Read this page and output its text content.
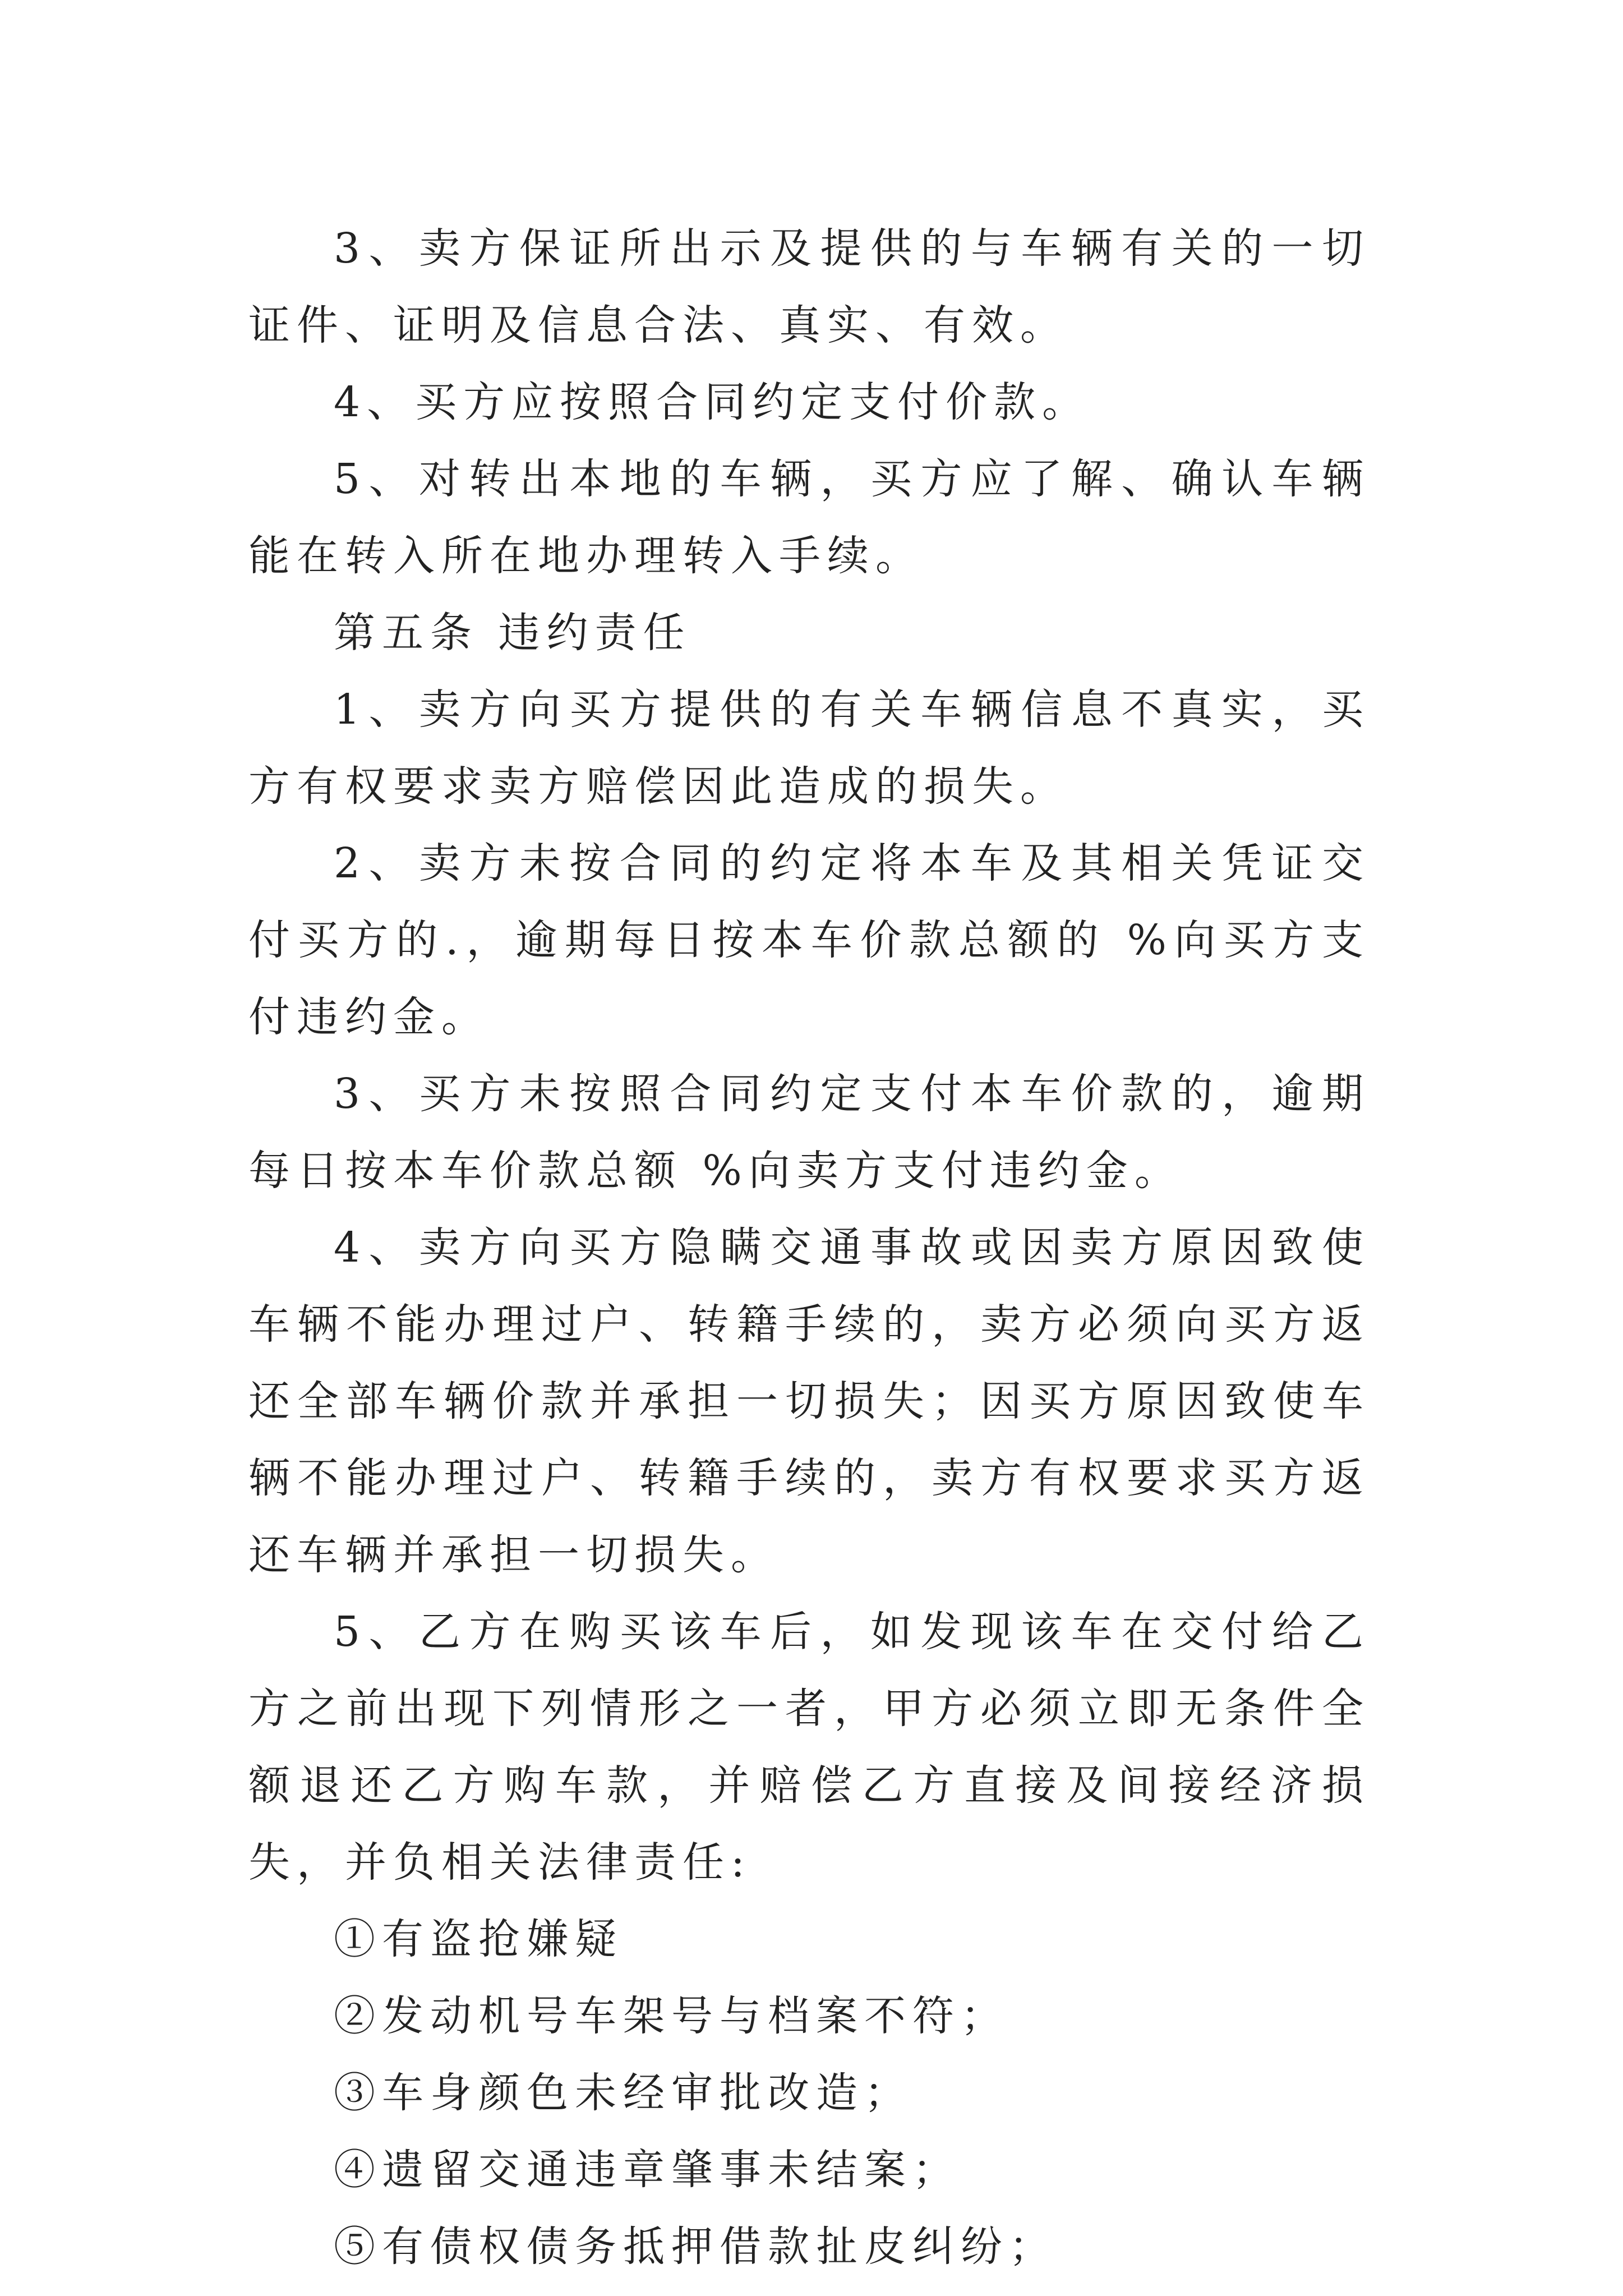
3、卖方保证所出示及提供的与车辆有关的一切证件、证明及信息合法、真实、有效。

4、买方应按照合同约定支付价款。

5、对转出本地的车辆，买方应了解、确认车辆能在转入所在地办理转入手续。

第五条 违约责任

1、卖方向买方提供的有关车辆信息不真实，买方有权要求卖方赔偿因此造成的损失。

2、卖方未按合同的约定将本车及其相关凭证交付买方的.，逾期每日按本车价款总额的 %向买方支付违约金。

3、买方未按照合同约定支付本车价款的，逾期每日按本车价款总额 %向卖方支付违约金。

4、卖方向买方隐瞒交通事故或因卖方原因致使车辆不能办理过户、转籍手续的，卖方必须向买方返还全部车辆价款并承担一切损失；因买方原因致使车辆不能办理过户、转籍手续的，卖方有权要求买方返还车辆并承担一切损失。

5、乙方在购买该车后，如发现该车在交付给乙方之前出现下列情形之一者，甲方必须立即无条件全额退还乙方购车款，并赔偿乙方直接及间接经济损失，并负相关法律责任:

①有盗抢嫌疑

②发动机号车架号与档案不符；

③车身颜色未经审批改造；

④遗留交通违章肇事未结案；

⑤有债权债务抵押借款扯皮纠纷；
